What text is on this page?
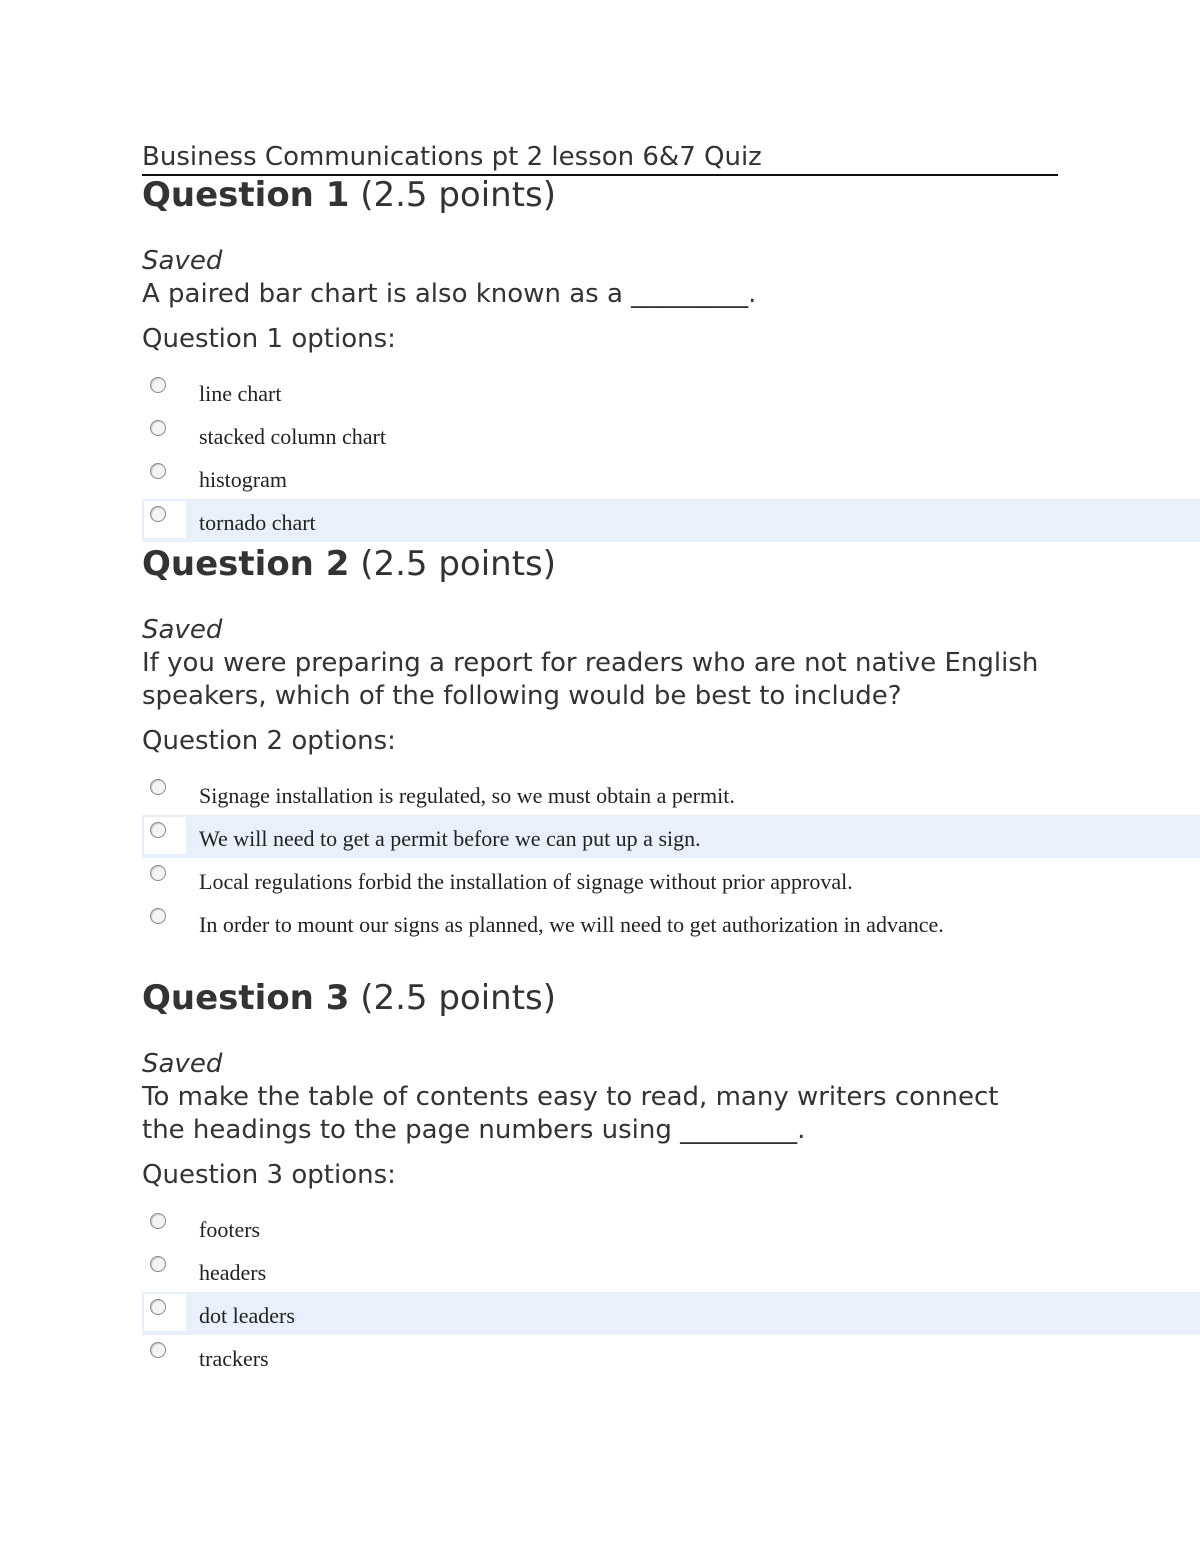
Business Communications pt 2 lesson 6&7 Quiz
Question 1 (2.5 points)
Saved
A paired bar chart is also known as a _________.
Question 1 options:
line chart
stacked column chart
histogram
tornado chart
Question 2 (2.5 points)
Saved
If you were preparing a report for readers who are not native English speakers, which of the following would be best to include?
Question 2 options:
Signage installation is regulated, so we must obtain a permit.
We will need to get a permit before we can put up a sign.
Local regulations forbid the installation of signage without prior approval.
In order to mount our signs as planned, we will need to get authorization in advance.
Question 3 (2.5 points)
Saved
To make the table of contents easy to read, many writers connect the headings to the page numbers using _________.
Question 3 options:
footers
headers
dot leaders
trackers
